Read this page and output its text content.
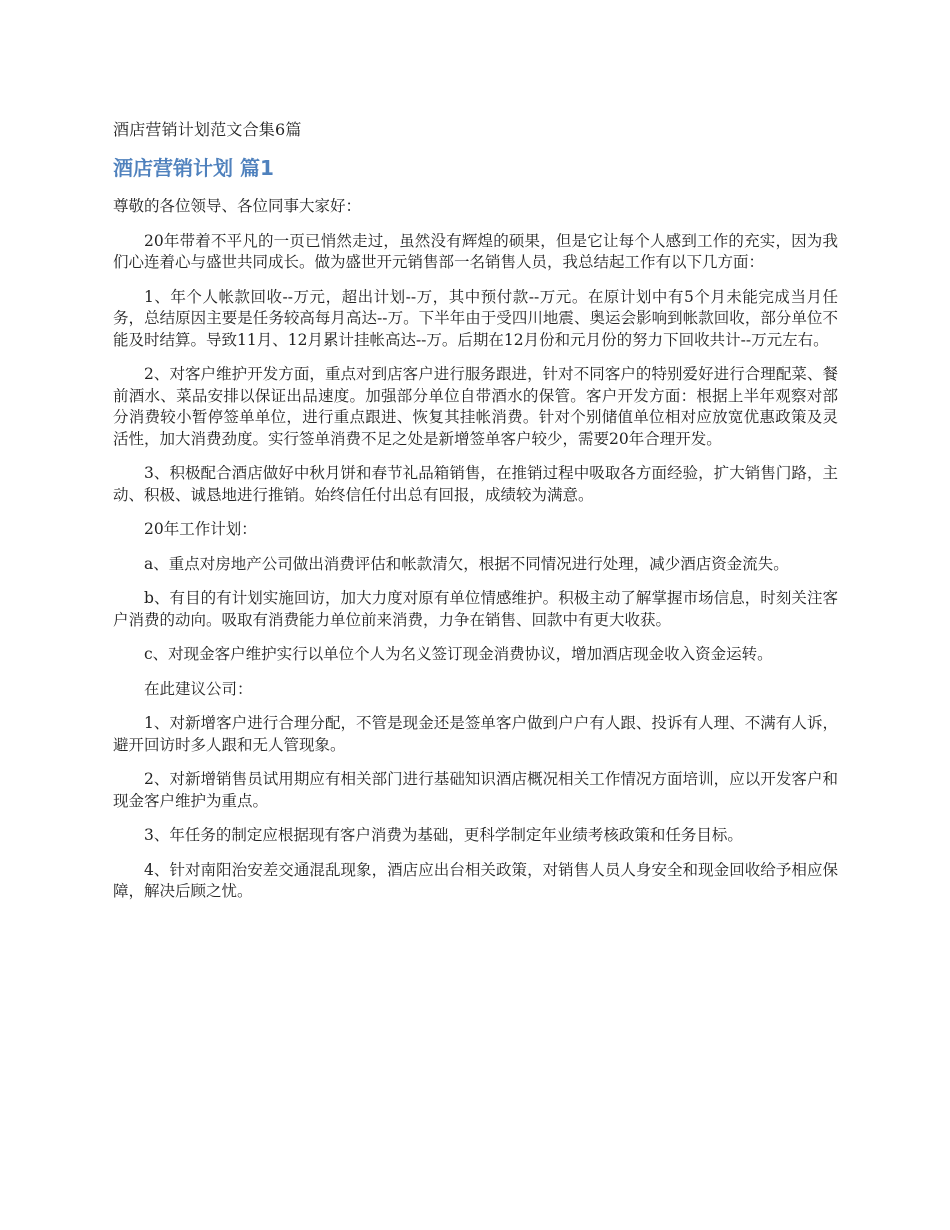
酒店营销计划范文合集6篇
酒店营销计划 篇1

尊敬的各位领导、各位同事大家好：

20年带着不平凡的一页已悄然走过，虽然没有辉煌的硕果，但是它让每个人感到工作的充实，因为我们心连着心与盛世共同成长。做为盛世开元销售部一名销售人员，我总结起工作有以下几方面：

1、年个人帐款回收--万元，超出计划--万，其中预付款--万元。在原计划中有5个月未能完成当月任务，总结原因主要是任务较高每月高达--万。下半年由于受四川地震、奥运会影响到帐款回收，部分单位不能及时结算。导致11月、12月累计挂帐高达--万。后期在12月份和元月份的努力下回收共计--万元左右。

2、对客户维护开发方面，重点对到店客户进行服务跟进，针对不同客户的特别爱好进行合理配菜、餐前酒水、菜品安排以保证出品速度。加强部分单位自带酒水的保管。客户开发方面：根据上半年观察对部分消费较小暂停签单单位，进行重点跟进、恢复其挂帐消费。针对个别储值单位相对应放宽优惠政策及灵活性，加大消费劲度。实行签单消费不足之处是新增签单客户较少，需要20年合理开发。

3、积极配合酒店做好中秋月饼和春节礼品箱销售，在推销过程中吸取各方面经验，扩大销售门路，主动、积极、诚恳地进行推销。始终信任付出总有回报，成绩较为满意。

20年工作计划：

a、重点对房地产公司做出消费评估和帐款清欠，根据不同情况进行处理，减少酒店资金流失。

b、有目的有计划实施回访，加大力度对原有单位情感维护。积极主动了解掌握市场信息，时刻关注客户消费的动向。吸取有消费能力单位前来消费，力争在销售、回款中有更大收获。

c、对现金客户维护实行以单位个人为名义签订现金消费协议，增加酒店现金收入资金运转。

在此建议公司：

1、对新增客户进行合理分配，不管是现金还是签单客户做到户户有人跟、投诉有人理、不满有人诉，避开回访时多人跟和无人管现象。

2、对新增销售员试用期应有相关部门进行基础知识酒店概况相关工作情况方面培训，应以开发客户和现金客户维护为重点。

3、年任务的制定应根据现有客户消费为基础，更科学制定年业绩考核政策和任务目标。

4、针对南阳治安差交通混乱现象，酒店应出台相关政策，对销售人员人身安全和现金回收给予相应保障，解决后顾之忧。
